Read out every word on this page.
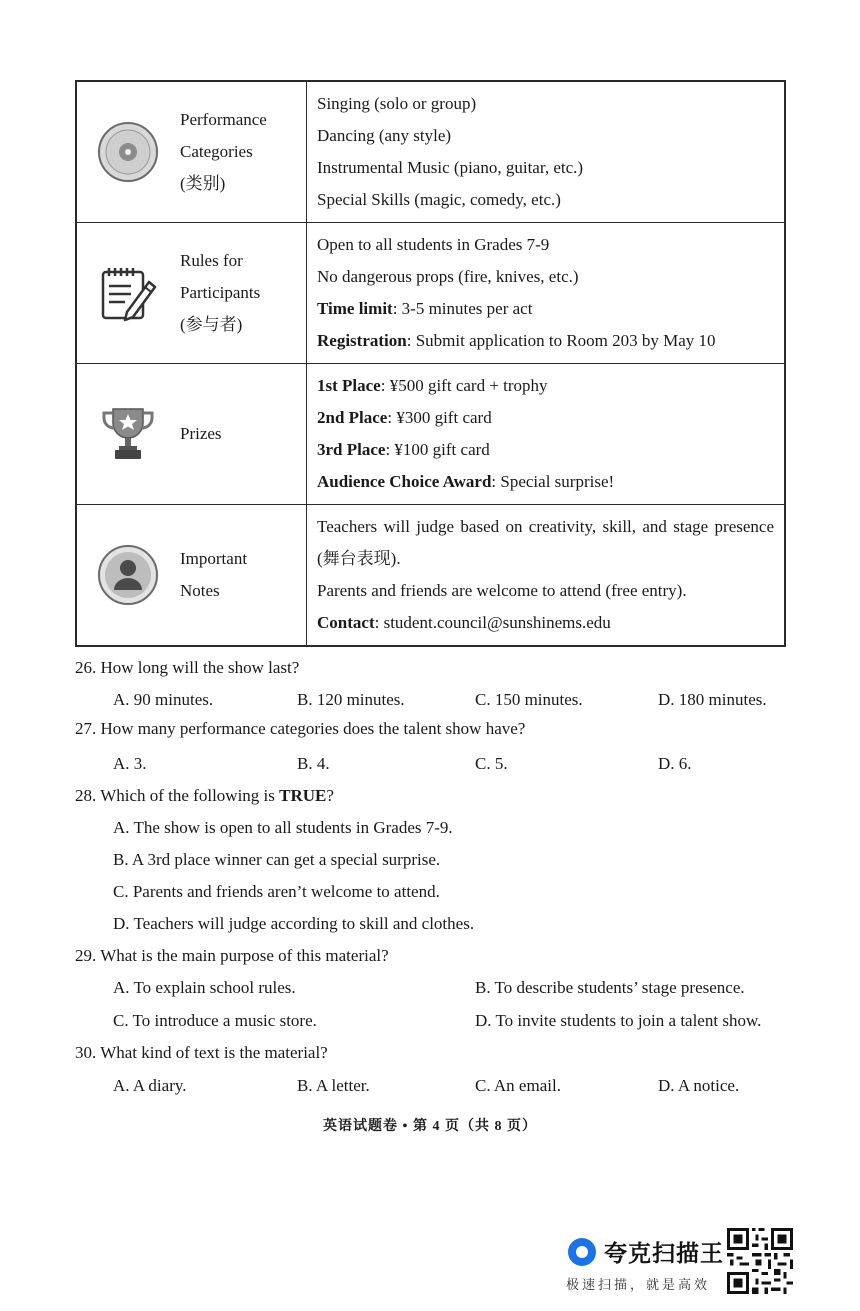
Performance
Categories
(类别)	Singing (solo or group)
Dancing (any style)
Instrumental Music (piano, guitar, etc.)
Special Skills (magic, comedy, etc.)

Rules for
Participants
(参与者)	Open to all students in Grades 7-9
No dangerous props (fire, knives, etc.)
Time limit: 3-5 minutes per act
Registration: Submit application to Room 203 by May 10

Prizes	1st Place: ¥500 gift card + trophy
2nd Place: ¥300 gift card
3rd Place: ¥100 gift card
Audience Choice Award: Special surprise!

Important
Notes	Teachers will judge based on creativity, skill, and stage presence (舞台表现).
Parents and friends are welcome to attend (free entry).
Contact: student.council@sunshinems.edu
26. How long will the show last?
A. 90 minutes.	B. 120 minutes.	C. 150 minutes.	D. 180 minutes.
27. How many performance categories does the talent show have?
A. 3.	B. 4.	C. 5.	D. 6.
28. Which of the following is TRUE?
A. The show is open to all students in Grades 7-9.
B. A 3rd place winner can get a special surprise.
C. Parents and friends aren’t welcome to attend.
D. Teachers will judge according to skill and clothes.
29. What is the main purpose of this material?
A. To explain school rules.	B. To describe students’ stage presence.
C. To introduce a music store.	D. To invite students to join a talent show.
30. What kind of text is the material?
A. A diary.	B. A letter.	C. An email.	D. A notice.
英语试题卷 • 第 4 页（共 8 页）
夸克扫描王
极速扫描，就是高效
